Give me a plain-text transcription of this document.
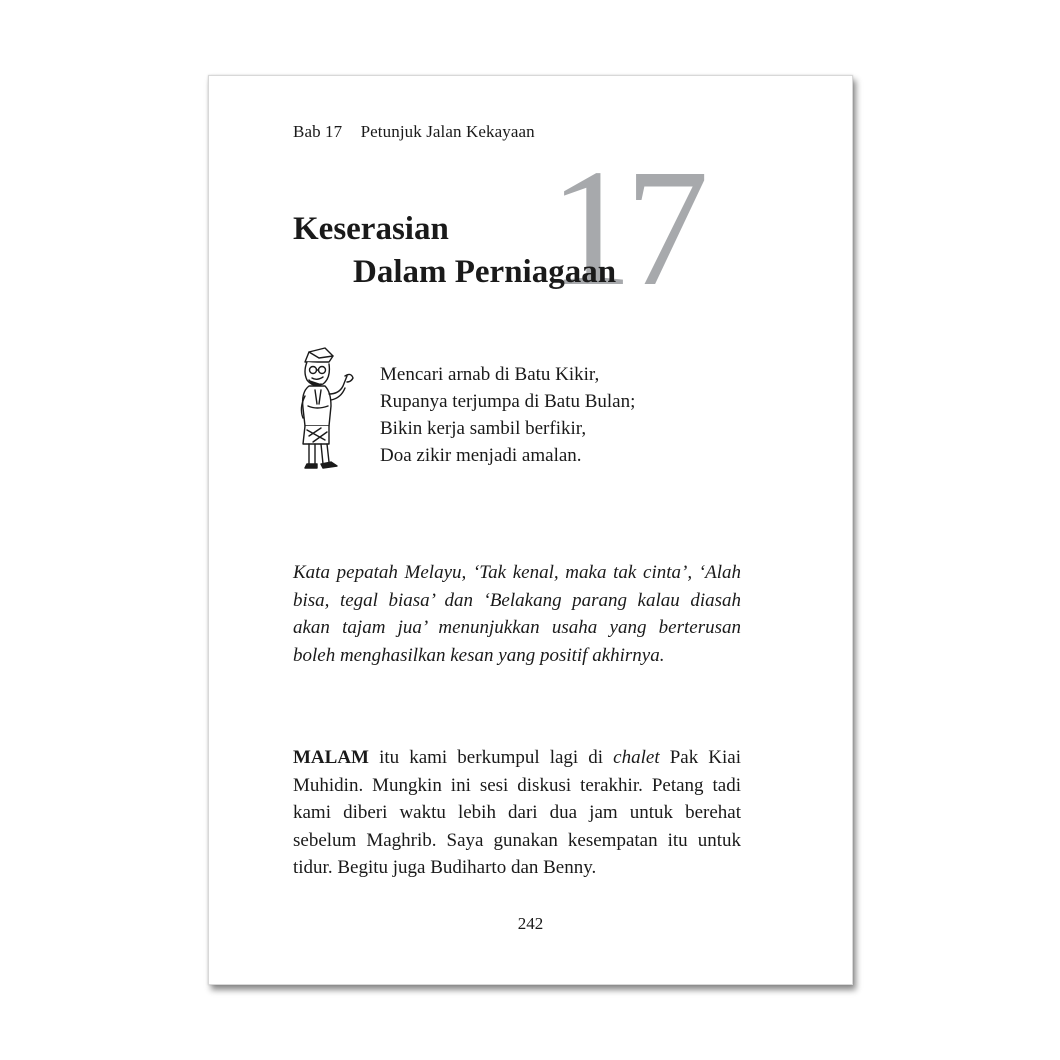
Bab 17 Petunjuk Jalan Kekayaan
17
Keserasian
Dalam Perniagaan
Mencari arnab di Batu Kikir,
Rupanya terjumpa di Batu Bulan;
Bikin kerja sambil berfikir,
Doa zikir menjadi amalan.

Kata pepatah Melayu, ‘Tak kenal, maka tak cinta’, ‘Alah bisa, tegal biasa’ dan ‘Belakang parang kalau diasah akan tajam jua’ menunjukkan usaha yang berterusan boleh menghasilkan kesan yang positif akhirnya.

MALAM itu kami berkumpul lagi di chalet Pak Kiai Muhidin. Mungkin ini sesi diskusi terakhir. Petang tadi kami diberi waktu lebih dari dua jam untuk berehat sebelum Maghrib. Saya gunakan kesempatan itu untuk tidur. Begitu juga Budiharto dan Benny.

242
